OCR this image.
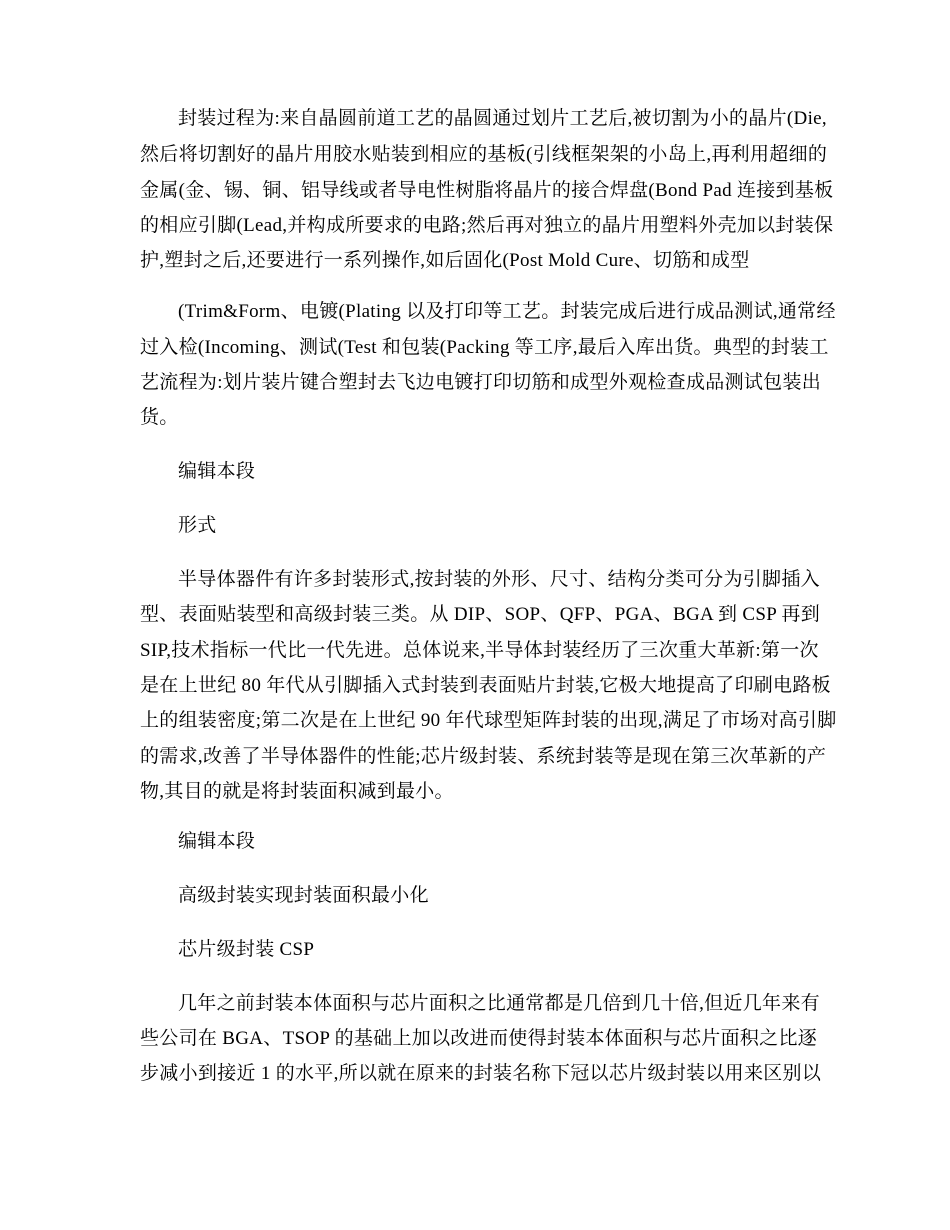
封装过程为:来自晶圆前道工艺的晶圆通过划片工艺后,被切割为小的晶片(Die,
然后将切割好的晶片用胶水贴装到相应的基板(引线框架架的小岛上,再利用超细的
金属(金、锡、铜、铝导线或者导电性树脂将晶片的接合焊盘(Bond Pad 连接到基板
的相应引脚(Lead,并构成所要求的电路;然后再对独立的晶片用塑料外壳加以封装保
护,塑封之后,还要进行一系列操作,如后固化(Post Mold Cure、切筋和成型
(Trim&Form、电镀(Plating 以及打印等工艺。封装完成后进行成品测试,通常经
过入检(Incoming、测试(Test 和包装(Packing 等工序,最后入库出货。典型的封装工
艺流程为:划片装片键合塑封去飞边电镀打印切筋和成型外观检查成品测试包装出
货。
编辑本段
形式
半导体器件有许多封装形式,按封装的外形、尺寸、结构分类可分为引脚插入
型、表面贴装型和高级封装三类。从 DIP、SOP、QFP、PGA、BGA 到 CSP 再到
SIP,技术指标一代比一代先进。总体说来,半导体封装经历了三次重大革新:第一次
是在上世纪 80 年代从引脚插入式封装到表面贴片封装,它极大地提高了印刷电路板
上的组装密度;第二次是在上世纪 90 年代球型矩阵封装的出现,满足了市场对高引脚
的需求,改善了半导体器件的性能;芯片级封装、系统封装等是现在第三次革新的产
物,其目的就是将封装面积减到最小。
编辑本段
高级封装实现封装面积最小化
芯片级封装 CSP
几年之前封装本体面积与芯片面积之比通常都是几倍到几十倍,但近几年来有
些公司在 BGA、TSOP 的基础上加以改进而使得封装本体面积与芯片面积之比逐
步减小到接近 1 的水平,所以就在原来的封装名称下冠以芯片级封装以用来区别以
